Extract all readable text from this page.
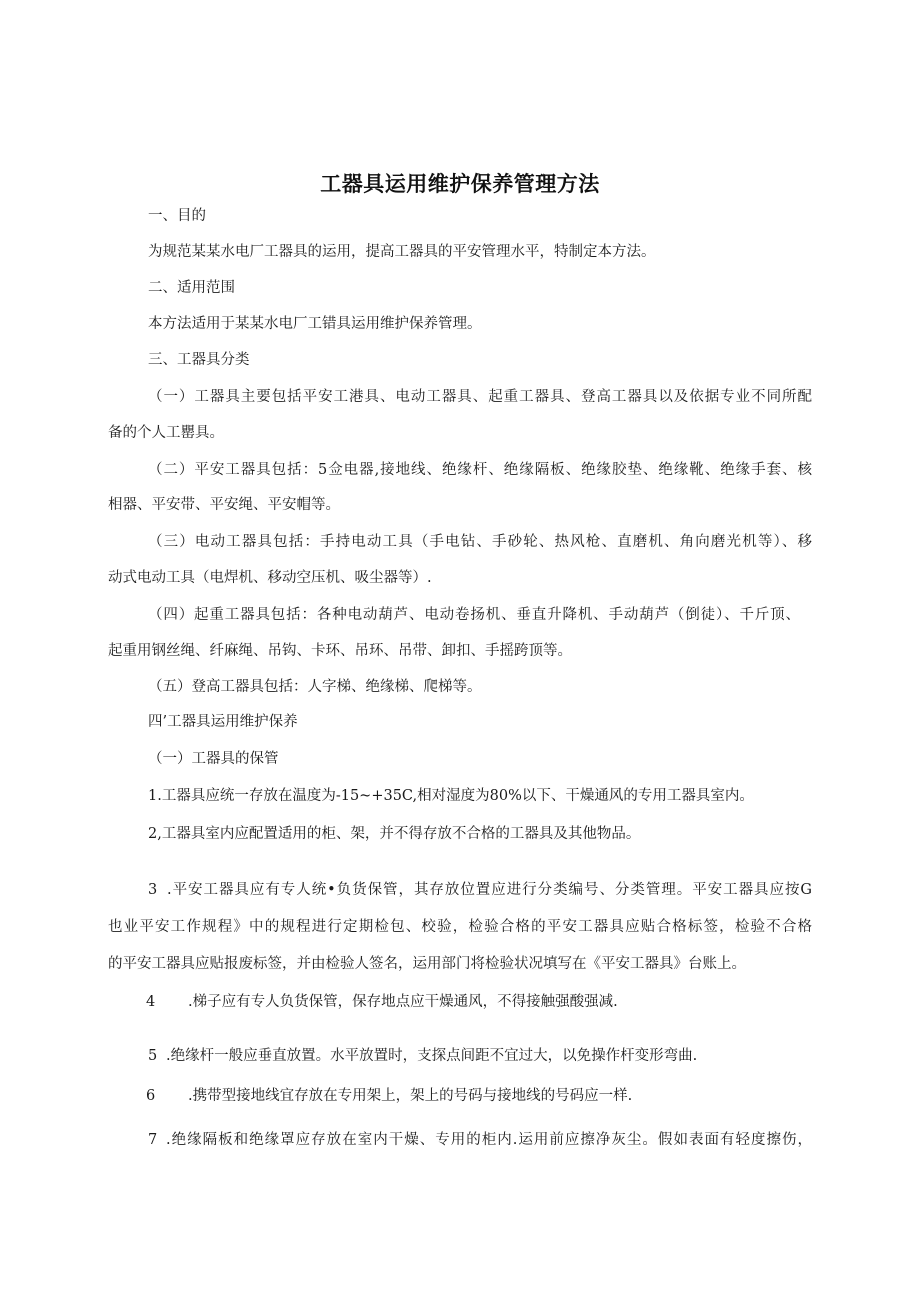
工器具运用维护保养管理方法

一、目的

为规范某某水电厂工器具的运用，提高工器具的平安管理水平，特制定本方法。

二、适用范围

本方法适用于某某水电厂工错具运用维护保养管理。

三、工器具分类

（一）工器具主要包括平安工港具、电动工器具、起重工器具、登高工器具以及依据专业不同所配

备的个人工罌具。

（二）平安工器具包括：5佥电器,接地线、绝缘杆、绝缘隔板、绝缘胶垫、绝缘靴、绝缘手套、核

相器、平安带、平安绳、平安帽等。

（三）电动工器具包括：手持电动工具（手电钻、手砂轮、热风枪、直磨机、角向磨光机等）、移

动式电动工具（电焊机、移动空压机、吸尘器等）.

（四）起重工器具包括：各种电动葫芦、电动卷扬机、垂直升降机、手动葫芦（倒徒）、千斤顶、

起重用钢丝绳、纤麻绳、吊钩、卡环、吊环、吊带、卸扣、手摇跨顶等。

（五）登高工器具包括：人字梯、绝缘梯、爬梯等。

四’工器具运用维护保养

（一）工器具的保管

1.工器具应统一存放在温度为-15~+35C,相对湿度为80%以下、干燥通风的专用工器具室内。

2,工器具室内应配置适用的柜、架，并不得存放不合格的工器具及其他物品。

3 .平安工器具应有专人统•负货保管，其存放位置应进行分类编号、分类管理。平安工器具应按G

也业平安工作规程》中的规程进行定期检包、校验，检验合格的平安工器具应贴合格标签，检验不合格

的平安工器具应贴报废标签，并由检验人签名，运用部门将检验状况填写在《平安工器具》台账上。

4 .梯子应有专人负货保管，保存地点应干燥通风，不得接触强酸强减.

5 .绝缘杆一般应垂直放置。水平放置时，支探点间距不宜过大，以免操作杆变形弯曲.

6 .携带型接地线宜存放在专用架上，架上的号码与接地线的号码应一样.

7 .绝缘隔板和绝缘罩应存放在室内干燥、专用的柜内.运用前应擦净灰尘。假如表面有轻度擦伤，
